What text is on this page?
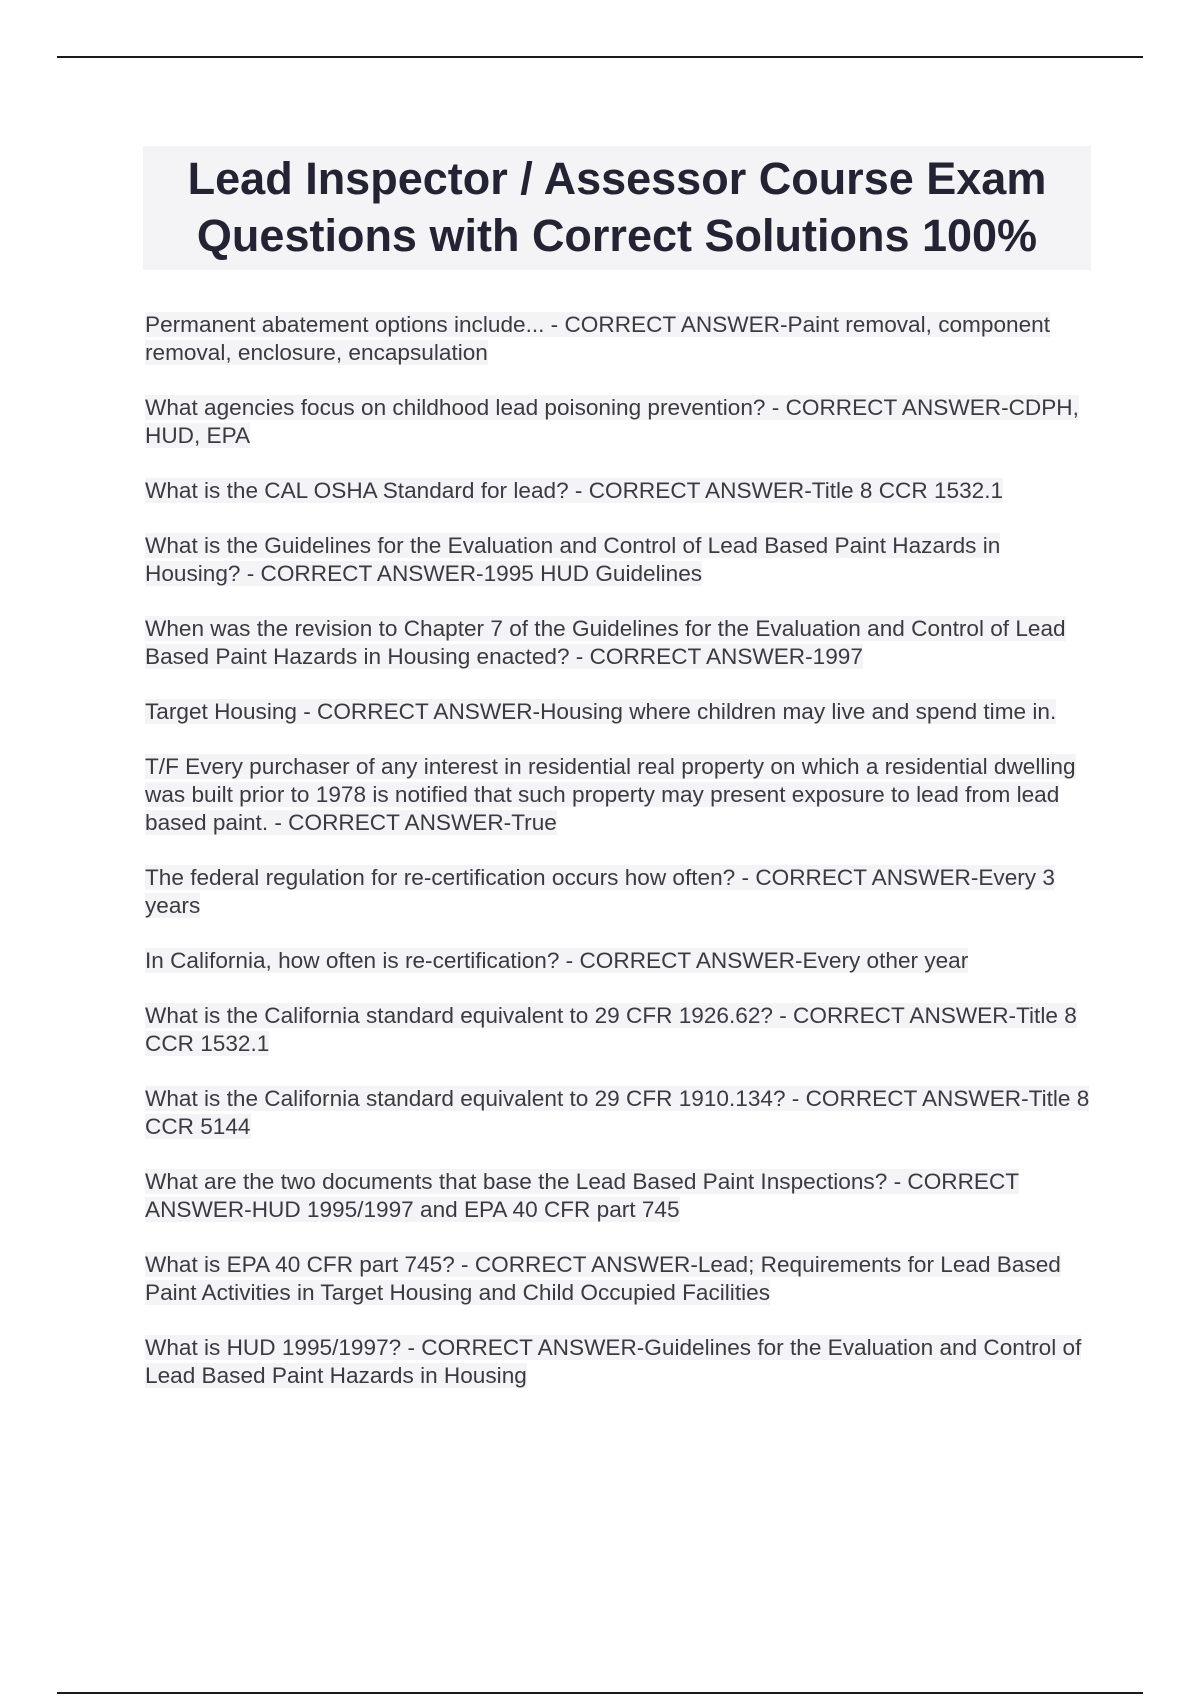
Lead Inspector / Assessor Course Exam Questions with Correct Solutions 100%

Permanent abatement options include... - CORRECT ANSWER-Paint removal, component removal, enclosure, encapsulation

What agencies focus on childhood lead poisoning prevention? - CORRECT ANSWER-CDPH, HUD, EPA

What is the CAL OSHA Standard for lead? - CORRECT ANSWER-Title 8 CCR 1532.1

What is the Guidelines for the Evaluation and Control of Lead Based Paint Hazards in Housing? - CORRECT ANSWER-1995 HUD Guidelines

When was the revision to Chapter 7 of the Guidelines for the Evaluation and Control of Lead Based Paint Hazards in Housing enacted? - CORRECT ANSWER-1997

Target Housing - CORRECT ANSWER-Housing where children may live and spend time in.

T/F Every purchaser of any interest in residential real property on which a residential dwelling was built prior to 1978 is notified that such property may present exposure to lead from lead based paint. - CORRECT ANSWER-True

The federal regulation for re-certification occurs how often? - CORRECT ANSWER-Every 3 years

In California, how often is re-certification? - CORRECT ANSWER-Every other year

What is the California standard equivalent to 29 CFR 1926.62? - CORRECT ANSWER-Title 8 CCR 1532.1

What is the California standard equivalent to 29 CFR 1910.134? - CORRECT ANSWER-Title 8 CCR 5144

What are the two documents that base the Lead Based Paint Inspections? - CORRECT ANSWER-HUD 1995/1997 and EPA 40 CFR part 745

What is EPA 40 CFR part 745? - CORRECT ANSWER-Lead; Requirements for Lead Based Paint Activities in Target Housing and Child Occupied Facilities

What is HUD 1995/1997? - CORRECT ANSWER-Guidelines for the Evaluation and Control of Lead Based Paint Hazards in Housing
